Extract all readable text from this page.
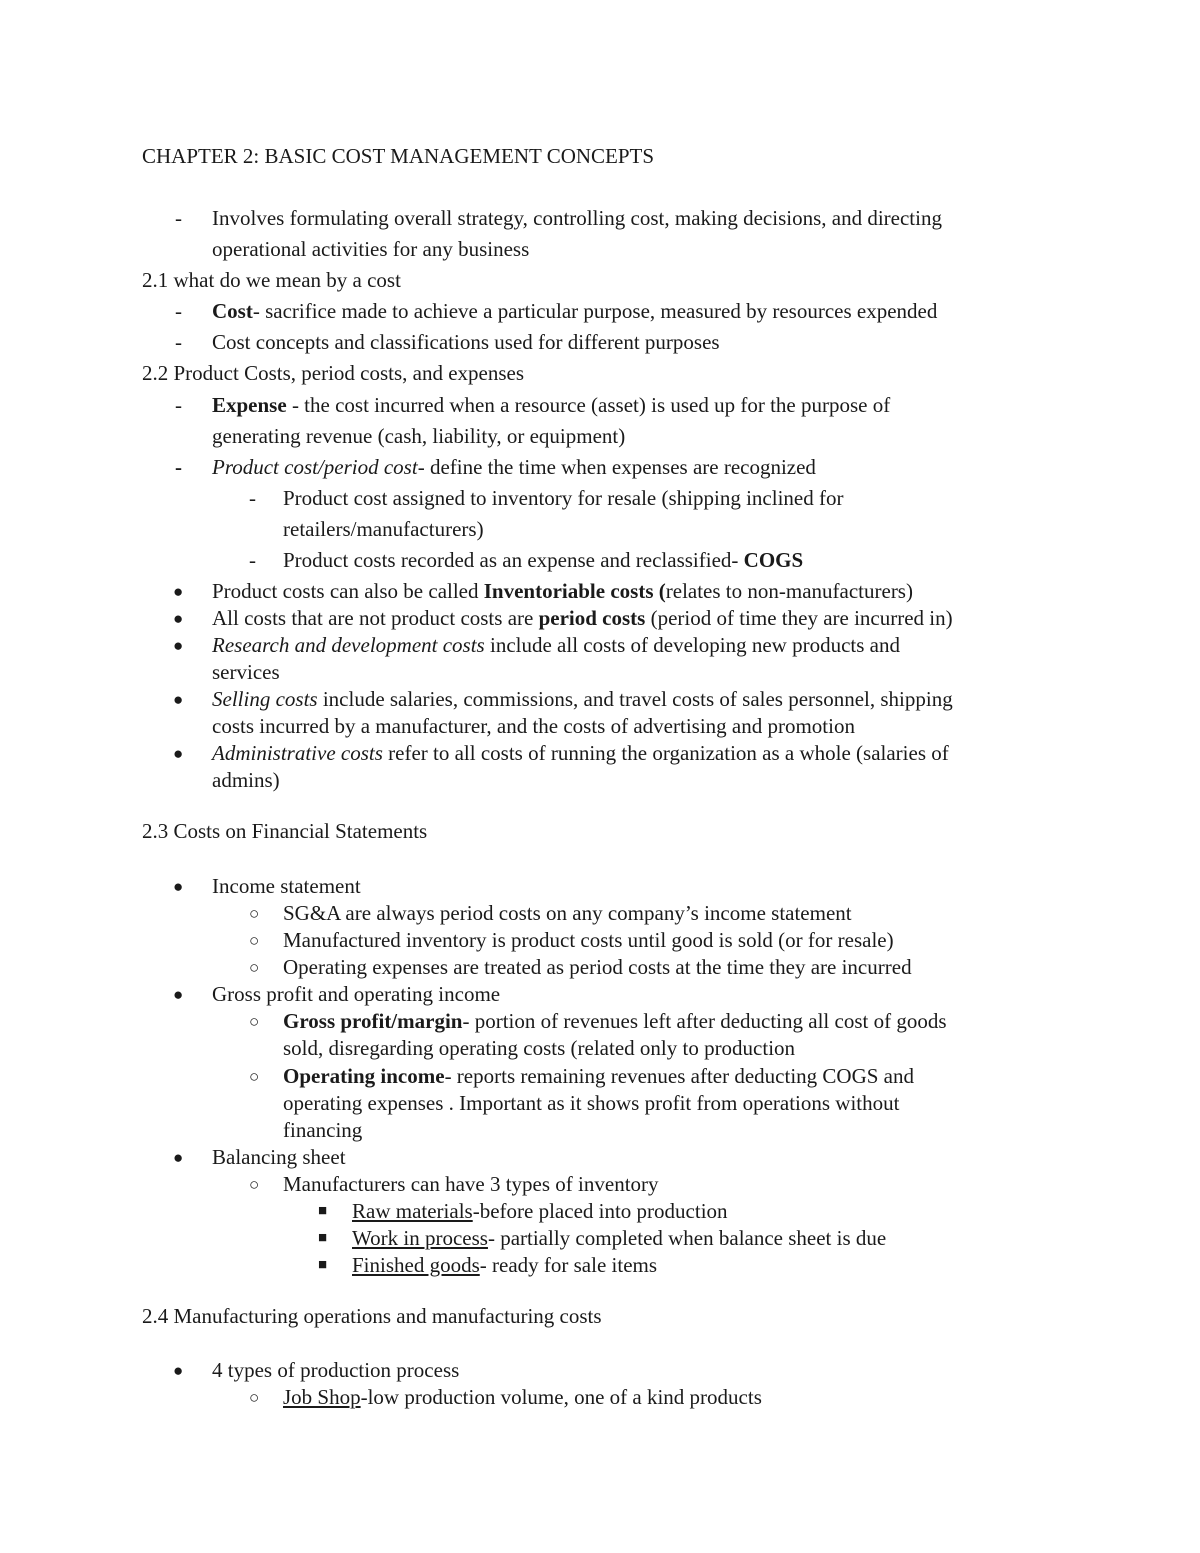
CHAPTER 2: BASIC COST MANAGEMENT CONCEPTS
- Involves formulating overall strategy, controlling cost, making decisions, and directing
operational activities for any business
2.1 what do we mean by a cost
- Cost- sacrifice made to achieve a particular purpose, measured by resources expended
- Cost concepts and classifications used for different purposes
2.2 Product Costs, period costs, and expenses
- Expense - the cost incurred when a resource (asset) is used up for the purpose of
generating revenue (cash, liability, or equipment)
- Product cost/period cost- define the time when expenses are recognized
- Product cost assigned to inventory for resale (shipping inclined for
retailers/manufacturers)
- Product costs recorded as an expense and reclassified- COGS
● Product costs can also be called Inventoriable costs (relates to non-manufacturers)
● All costs that are not product costs are period costs (period of time they are incurred in)
● Research and development costs include all costs of developing new products and
services
● Selling costs include salaries, commissions, and travel costs of sales personnel, shipping
costs incurred by a manufacturer, and the costs of advertising and promotion
● Administrative costs refer to all costs of running the organization as a whole (salaries of
admins)
2.3 Costs on Financial Statements
● Income statement
○ SG&A are always period costs on any company’s income statement
○ Manufactured inventory is product costs until good is sold (or for resale)
○ Operating expenses are treated as period costs at the time they are incurred
● Gross profit and operating income
○ Gross profit/margin- portion of revenues left after deducting all cost of goods
sold, disregarding operating costs (related only to production
○ Operating income- reports remaining revenues after deducting COGS and
operating expenses . Important as it shows profit from operations without
financing
● Balancing sheet
○ Manufacturers can have 3 types of inventory
■ Raw materials-before placed into production
■ Work in process- partially completed when balance sheet is due
■ Finished goods- ready for sale items
2.4 Manufacturing operations and manufacturing costs
● 4 types of production process
○ Job Shop-low production volume, one of a kind products
